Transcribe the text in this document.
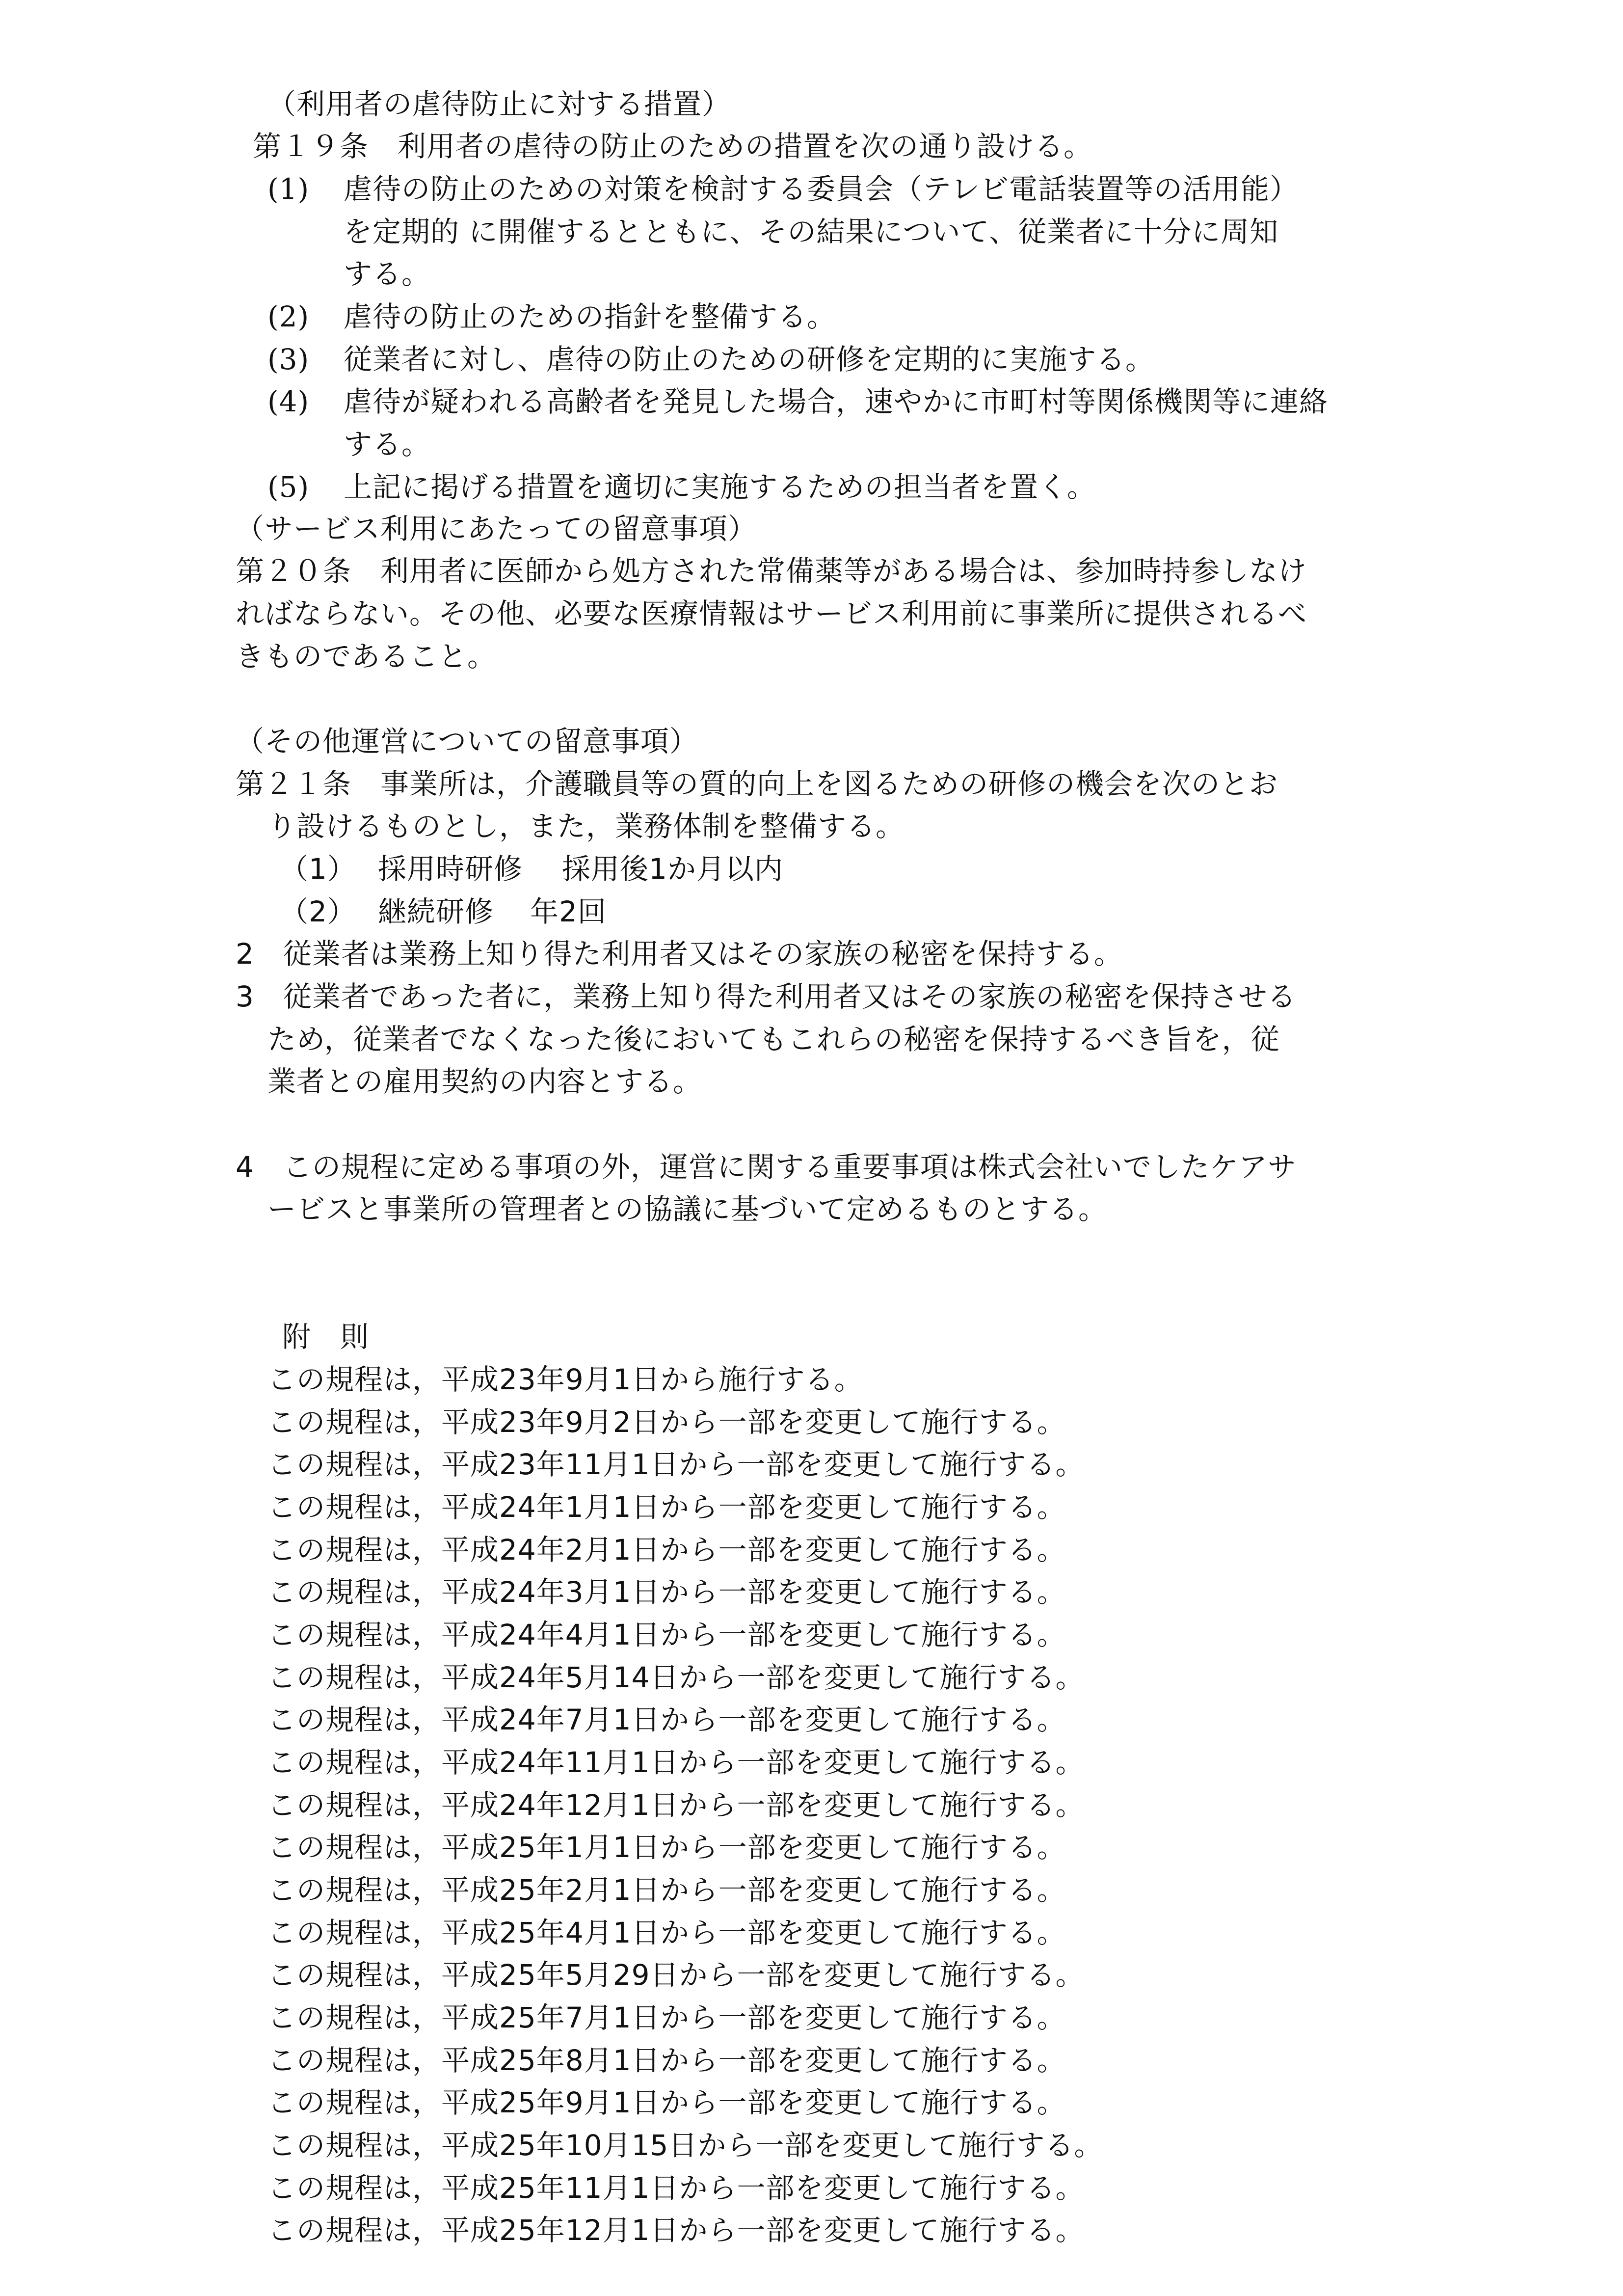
（利用者の虐待防止に対する措置）
第１９条　利用者の虐待の防止のための措置を次の通り設ける。
(1) 虐待の防止のための対策を検討する委員会（テレビ電話装置等の活用能）
を定期的 に開催するとともに、その結果について、従業者に十分に周知
する。
(2) 虐待の防止のための指針を整備する。
(3) 従業者に対し、虐待の防止のための研修を定期的に実施する。
(4) 虐待が疑われる高齢者を発見した場合，速やかに市町村等関係機関等に連絡
する。
(5) 上記に掲げる措置を適切に実施するための担当者を置く。
（サービス利用にあたっての留意事項）
第２０条　利用者に医師から処方された常備薬等がある場合は、参加時持参しなけ
ればならない。その他、必要な医療情報はサービス利用前に事業所に提供されるべ
きものであること。
（その他運営についての留意事項）
第２１条　事業所は，介護職員等の質的向上を図るための研修の機会を次のとお
り設けるものとし，また，業務体制を整備する。
（1） 採用時研修 採用後1か月以内
（2） 継続研修 年2回
2　従業者は業務上知り得た利用者又はその家族の秘密を保持する。
3　従業者であった者に，業務上知り得た利用者又はその家族の秘密を保持させる
ため，従業者でなくなった後においてもこれらの秘密を保持するべき旨を，従
業者との雇用契約の内容とする。
4　この規程に定める事項の外，運営に関する重要事項は株式会社いでしたケアサ
ービスと事業所の管理者との協議に基づいて定めるものとする。
附　則
この規程は，平成23年9月1日から施行する。
この規程は，平成23年9月2日から一部を変更して施行する。
この規程は，平成23年11月1日から一部を変更して施行する。
この規程は，平成24年1月1日から一部を変更して施行する。
この規程は，平成24年2月1日から一部を変更して施行する。
この規程は，平成24年3月1日から一部を変更して施行する。
この規程は，平成24年4月1日から一部を変更して施行する。
この規程は，平成24年5月14日から一部を変更して施行する。
この規程は，平成24年7月1日から一部を変更して施行する。
この規程は，平成24年11月1日から一部を変更して施行する。
この規程は，平成24年12月1日から一部を変更して施行する。
この規程は，平成25年1月1日から一部を変更して施行する。
この規程は，平成25年2月1日から一部を変更して施行する。
この規程は，平成25年4月1日から一部を変更して施行する。
この規程は，平成25年5月29日から一部を変更して施行する。
この規程は，平成25年7月1日から一部を変更して施行する。
この規程は，平成25年8月1日から一部を変更して施行する。
この規程は，平成25年9月1日から一部を変更して施行する。
この規程は，平成25年10月15日から一部を変更して施行する。
この規程は，平成25年11月1日から一部を変更して施行する。
この規程は，平成25年12月1日から一部を変更して施行する。
